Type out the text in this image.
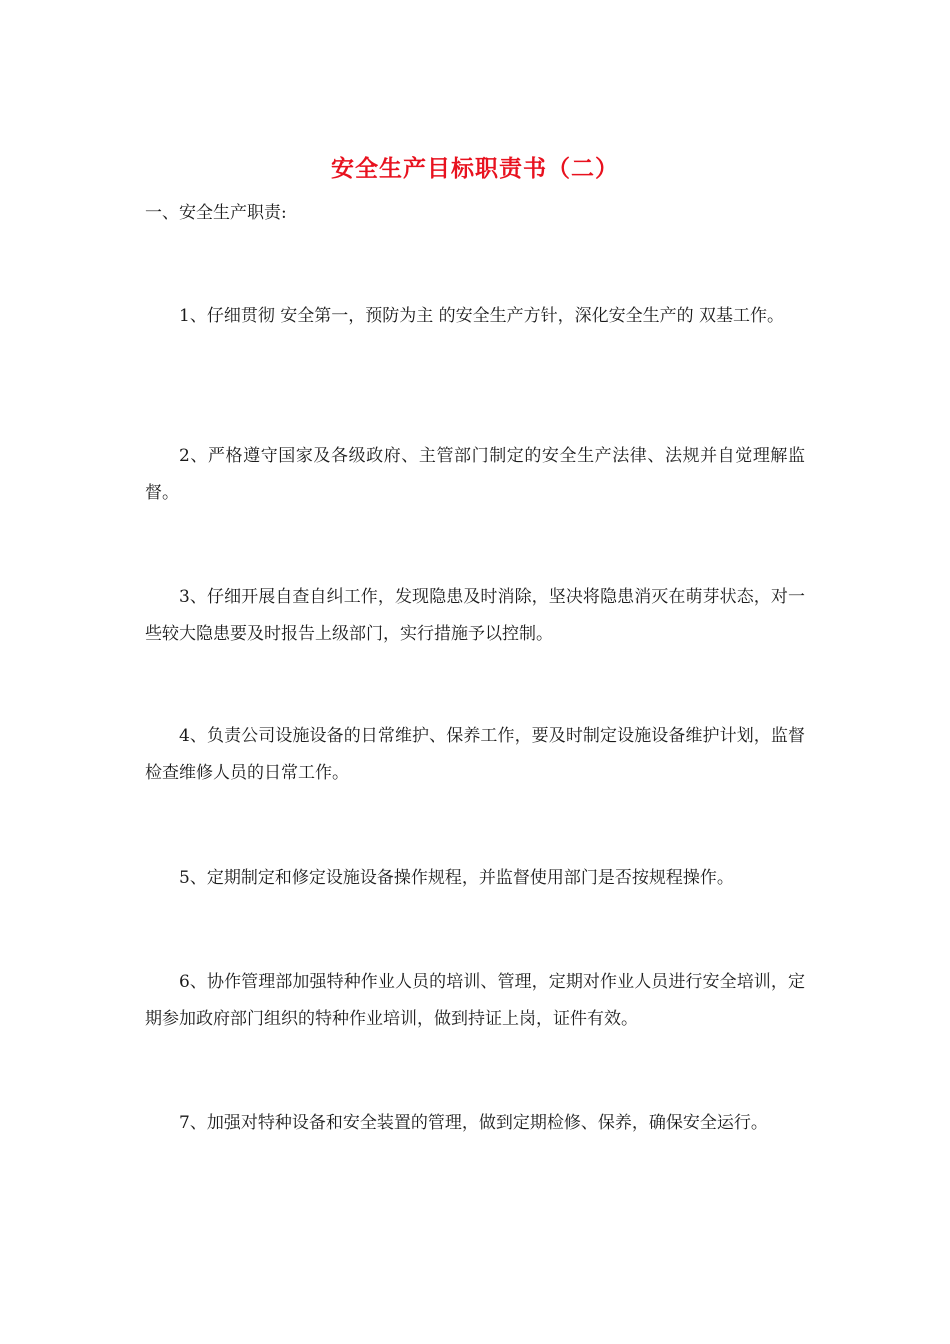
安全生产目标职责书（二）
一、安全生产职责:

1、仔细贯彻 安全第一，预防为主 的安全生产方针，深化安全生产的 双基工作。

2、严格遵守国家及各级政府、主管部门制定的安全生产法律、法规并自觉理解监督。

3、仔细开展自查自纠工作，发现隐患及时消除，坚决将隐患消灭在萌芽状态，对一些较大隐患要及时报告上级部门，实行措施予以控制。

4、负责公司设施设备的日常维护、保养工作，要及时制定设施设备维护计划，监督检查维修人员的日常工作。

5、定期制定和修定设施设备操作规程，并监督使用部门是否按规程操作。

6、协作管理部加强特种作业人员的培训、管理，定期对作业人员进行安全培训，定期参加政府部门组织的特种作业培训，做到持证上岗，证件有效。

7、加强对特种设备和安全装置的管理，做到定期检修、保养，确保安全运行。
